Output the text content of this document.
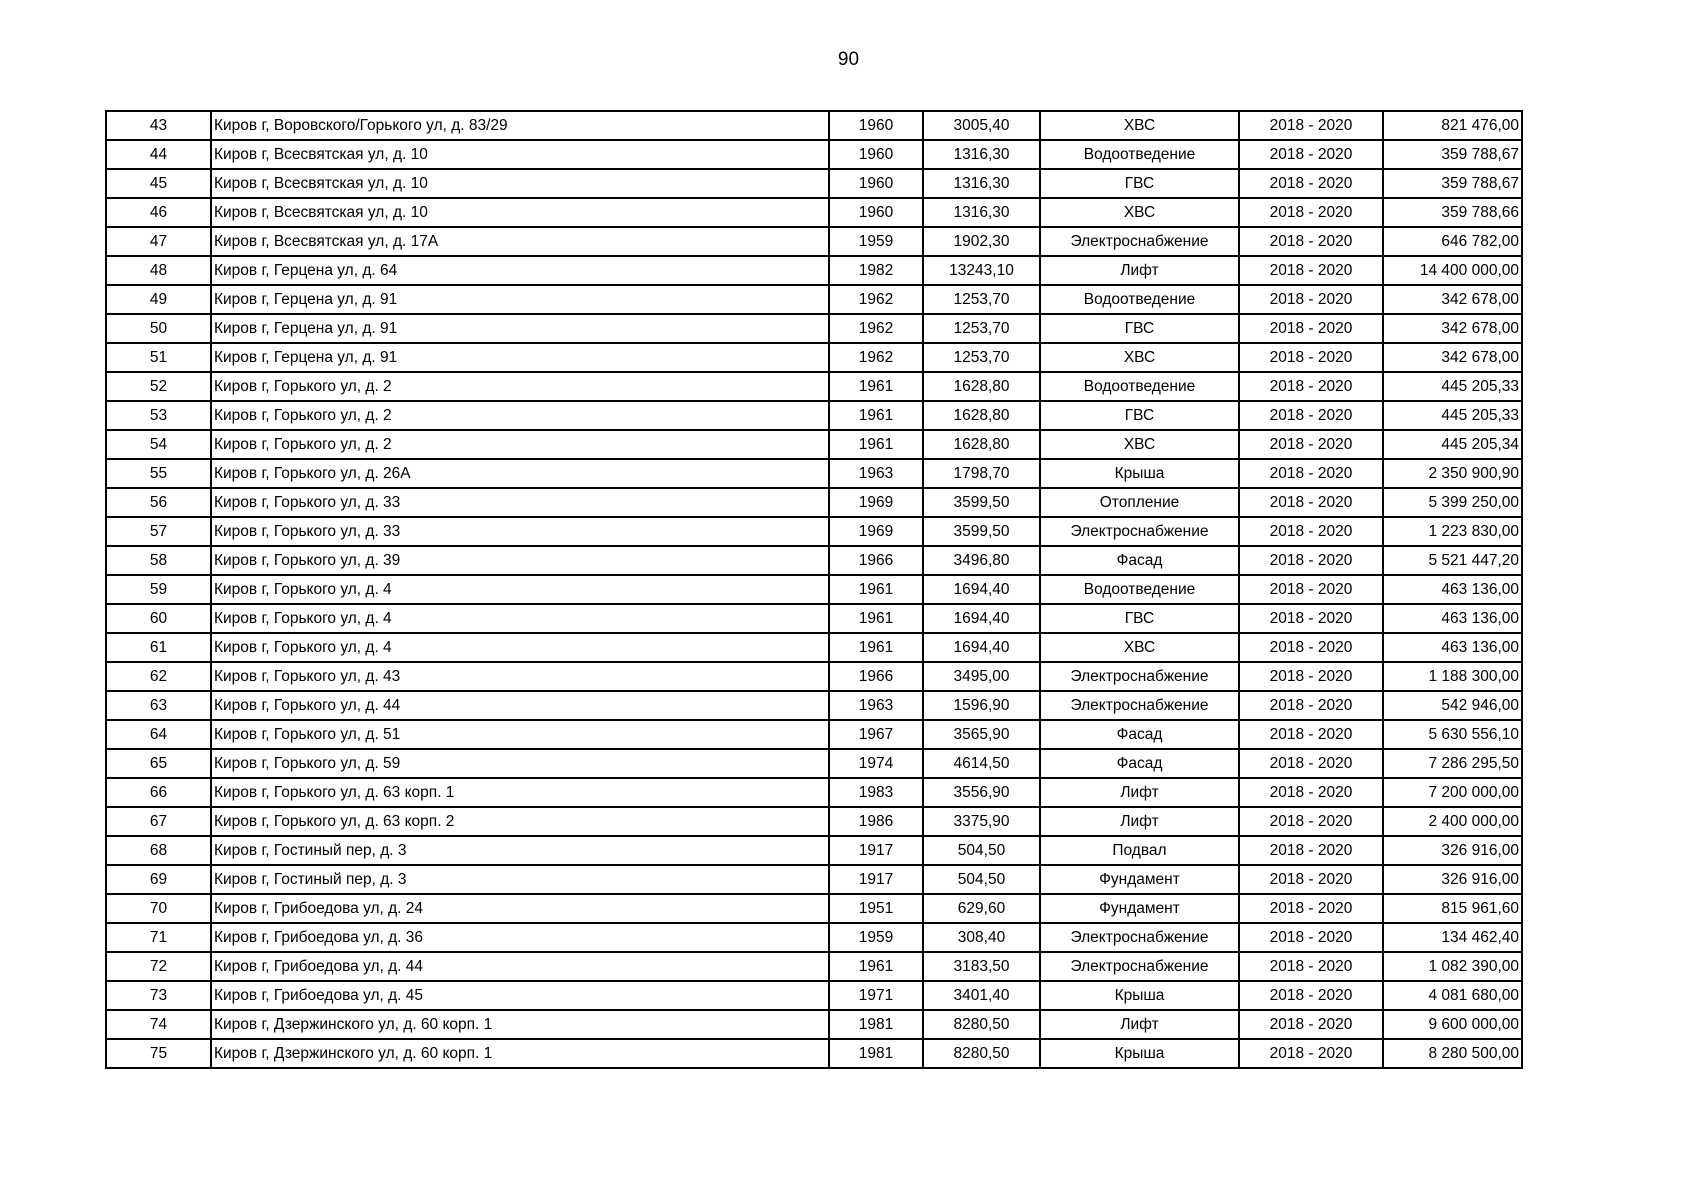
90
43	Киров г, Воровского/Горького ул, д. 83/29	1960	3005,40	ХВС	2018 - 2020	821 476,00
44	Киров г, Всесвятская ул, д. 10	1960	1316,30	Водоотведение	2018 - 2020	359 788,67
45	Киров г, Всесвятская ул, д. 10	1960	1316,30	ГВС	2018 - 2020	359 788,67
46	Киров г, Всесвятская ул, д. 10	1960	1316,30	ХВС	2018 - 2020	359 788,66
47	Киров г, Всесвятская ул, д. 17А	1959	1902,30	Электроснабжение	2018 - 2020	646 782,00
48	Киров г, Герцена ул, д. 64	1982	13243,10	Лифт	2018 - 2020	14 400 000,00
49	Киров г, Герцена ул, д. 91	1962	1253,70	Водоотведение	2018 - 2020	342 678,00
50	Киров г, Герцена ул, д. 91	1962	1253,70	ГВС	2018 - 2020	342 678,00
51	Киров г, Герцена ул, д. 91	1962	1253,70	ХВС	2018 - 2020	342 678,00
52	Киров г, Горького ул, д. 2	1961	1628,80	Водоотведение	2018 - 2020	445 205,33
53	Киров г, Горького ул, д. 2	1961	1628,80	ГВС	2018 - 2020	445 205,33
54	Киров г, Горького ул, д. 2	1961	1628,80	ХВС	2018 - 2020	445 205,34
55	Киров г, Горького ул, д. 26А	1963	1798,70	Крыша	2018 - 2020	2 350 900,90
56	Киров г, Горького ул, д. 33	1969	3599,50	Отопление	2018 - 2020	5 399 250,00
57	Киров г, Горького ул, д. 33	1969	3599,50	Электроснабжение	2018 - 2020	1 223 830,00
58	Киров г, Горького ул, д. 39	1966	3496,80	Фасад	2018 - 2020	5 521 447,20
59	Киров г, Горького ул, д. 4	1961	1694,40	Водоотведение	2018 - 2020	463 136,00
60	Киров г, Горького ул, д. 4	1961	1694,40	ГВС	2018 - 2020	463 136,00
61	Киров г, Горького ул, д. 4	1961	1694,40	ХВС	2018 - 2020	463 136,00
62	Киров г, Горького ул, д. 43	1966	3495,00	Электроснабжение	2018 - 2020	1 188 300,00
63	Киров г, Горького ул, д. 44	1963	1596,90	Электроснабжение	2018 - 2020	542 946,00
64	Киров г, Горького ул, д. 51	1967	3565,90	Фасад	2018 - 2020	5 630 556,10
65	Киров г, Горького ул, д. 59	1974	4614,50	Фасад	2018 - 2020	7 286 295,50
66	Киров г, Горького ул, д. 63 корп. 1	1983	3556,90	Лифт	2018 - 2020	7 200 000,00
67	Киров г, Горького ул, д. 63 корп. 2	1986	3375,90	Лифт	2018 - 2020	2 400 000,00
68	Киров г, Гостиный пер, д. 3	1917	504,50	Подвал	2018 - 2020	326 916,00
69	Киров г, Гостиный пер, д. 3	1917	504,50	Фундамент	2018 - 2020	326 916,00
70	Киров г, Грибоедова ул, д. 24	1951	629,60	Фундамент	2018 - 2020	815 961,60
71	Киров г, Грибоедова ул, д. 36	1959	308,40	Электроснабжение	2018 - 2020	134 462,40
72	Киров г, Грибоедова ул, д. 44	1961	3183,50	Электроснабжение	2018 - 2020	1 082 390,00
73	Киров г, Грибоедова ул, д. 45	1971	3401,40	Крыша	2018 - 2020	4 081 680,00
74	Киров г, Дзержинского ул, д. 60 корп. 1	1981	8280,50	Лифт	2018 - 2020	9 600 000,00
75	Киров г, Дзержинского ул, д. 60 корп. 1	1981	8280,50	Крыша	2018 - 2020	8 280 500,00
